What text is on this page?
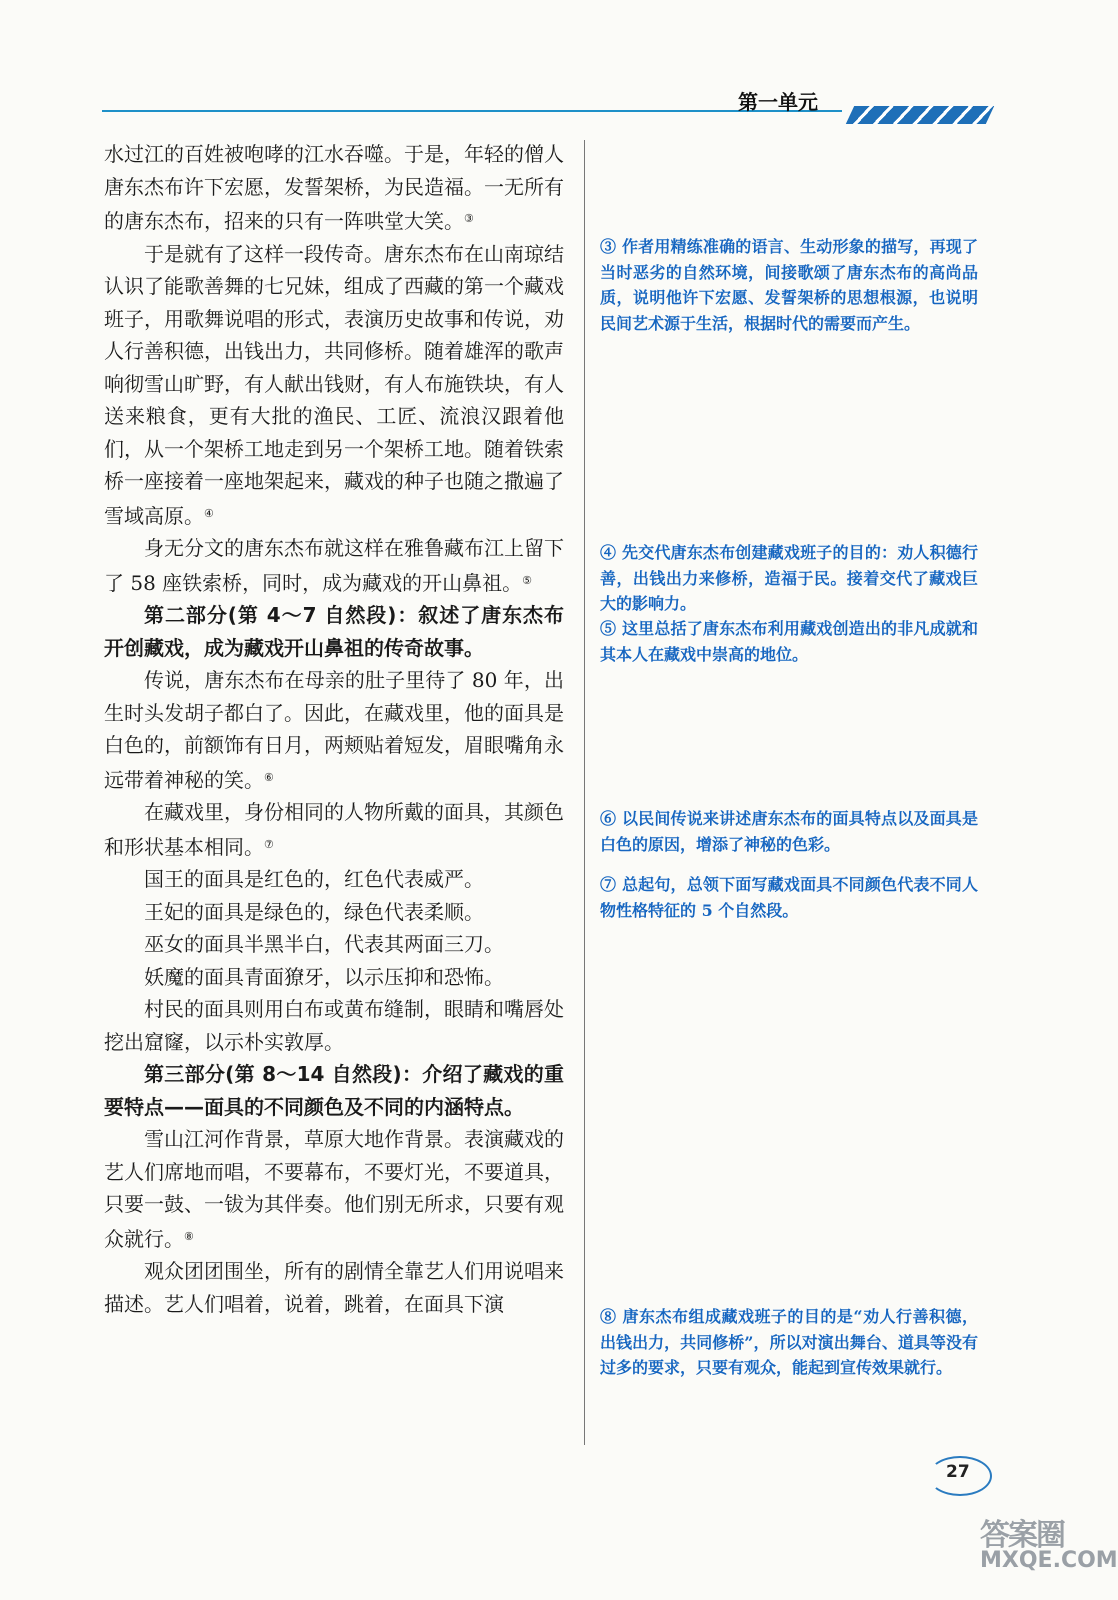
第一单元

水过江的百姓被咆哮的江水吞噬。于是，年轻的僧人唐东杰布许下宏愿，发誓架桥，为民造福。一无所有的唐东杰布，招来的只有一阵哄堂大笑。③

于是就有了这样一段传奇。唐东杰布在山南琼结认识了能歌善舞的七兄妹，组成了西藏的第一个藏戏班子，用歌舞说唱的形式，表演历史故事和传说，劝人行善积德，出钱出力，共同修桥。随着雄浑的歌声响彻雪山旷野，有人献出钱财，有人布施铁块，有人送来粮食，更有大批的渔民、工匠、流浪汉跟着他们，从一个架桥工地走到另一个架桥工地。随着铁索桥一座接着一座地架起来，藏戏的种子也随之撒遍了雪域高原。④

身无分文的唐东杰布就这样在雅鲁藏布江上留下了 58 座铁索桥，同时，成为藏戏的开山鼻祖。⑤

第二部分(第 4～7 自然段)：叙述了唐东杰布开创藏戏，成为藏戏开山鼻祖的传奇故事。

传说，唐东杰布在母亲的肚子里待了 80 年，出生时头发胡子都白了。因此，在藏戏里，他的面具是白色的，前额饰有日月，两颊贴着短发，眉眼嘴角永远带着神秘的笑。⑥

在藏戏里，身份相同的人物所戴的面具，其颜色和形状基本相同。⑦

国王的面具是红色的，红色代表威严。

王妃的面具是绿色的，绿色代表柔顺。

巫女的面具半黑半白，代表其两面三刀。

妖魔的面具青面獠牙，以示压抑和恐怖。

村民的面具则用白布或黄布缝制，眼睛和嘴唇处挖出窟窿，以示朴实敦厚。

第三部分(第 8～14 自然段)：介绍了藏戏的重要特点——面具的不同颜色及不同的内涵特点。

雪山江河作背景，草原大地作背景。表演藏戏的艺人们席地而唱，不要幕布，不要灯光，不要道具，只要一鼓、一钹为其伴奏。他们别无所求，只要有观众就行。⑧

观众团团围坐，所有的剧情全靠艺人们用说唱来描述。艺人们唱着，说着，跳着，在面具下演

③ 作者用精练准确的语言、生动形象的描写，再现了当时恶劣的自然环境，间接歌颂了唐东杰布的高尚品质，说明他许下宏愿、发誓架桥的思想根源，也说明民间艺术源于生活，根据时代的需要而产生。
④ 先交代唐东杰布创建藏戏班子的目的：劝人积德行善，出钱出力来修桥，造福于民。接着交代了藏戏巨大的影响力。
⑤ 这里总括了唐东杰布利用藏戏创造出的非凡成就和其本人在藏戏中崇高的地位。
⑥ 以民间传说来讲述唐东杰布的面具特点以及面具是白色的原因，增添了神秘的色彩。
⑦ 总起句，总领下面写藏戏面具不同颜色代表不同人物性格特征的 5 个自然段。
⑧ 唐东杰布组成藏戏班子的目的是“劝人行善积德，出钱出力，共同修桥”，所以对演出舞台、道具等没有过多的要求，只要有观众，能起到宣传效果就行。
27
答案圈
MXQE.COM
